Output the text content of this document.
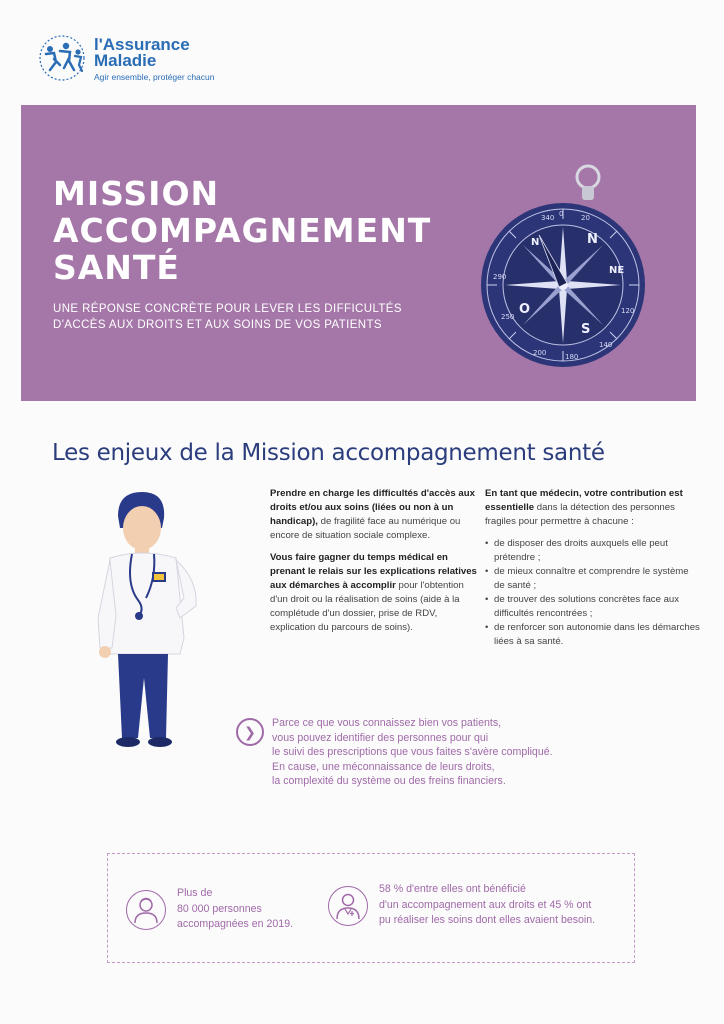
l'Assurance
Maladie
Agir ensemble, protéger chacun
MISSION
ACCOMPAGNEMENT
SANTÉ
UNE RÉPONSE CONCRÈTE POUR LEVER LES DIFFICULTÉS
D'ACCÈS AUX DROITS ET AUX SOINS DE VOS PATIENTS
N
NE
O
S
N
0
340	20
120
140
180
200
290
250
Les enjeux de la Mission accompagnement santé

Prendre en charge les difficultés d'accès aux droits et/ou aux soins (liées ou non à un handicap), de fragilité face au numérique ou encore de situation sociale complexe.

Vous faire gagner du temps médical en prenant le relais sur les explications relatives aux démarches à accomplir pour l'obtention d'un droit ou la réalisation de soins (aide à la complétude d'un dossier, prise de RDV, explication du parcours de soins).

En tant que médecin, votre contribution est essentielle dans la détection des personnes fragiles pour permettre à chacune :

• de disposer des droits auxquels elle peut prétendre ;
• de mieux connaître et comprendre le système de santé ;
• de trouver des solutions concrètes face aux difficultés rencontrées ;
• de renforcer son autonomie dans les démarches liées à sa santé.
❯
Parce ce que vous connaissez bien vos patients,
vous pouvez identifier des personnes pour qui
le suivi des prescriptions que vous faites s'avère compliqué.
En cause, une méconnaissance de leurs droits,
la complexité du système ou des freins financiers.
Plus de
80 000 personnes
accompagnées en 2019.
58 % d'entre elles ont bénéficié
d'un accompagnement aux droits et 45 % ont
pu réaliser les soins dont elles avaient besoin.
